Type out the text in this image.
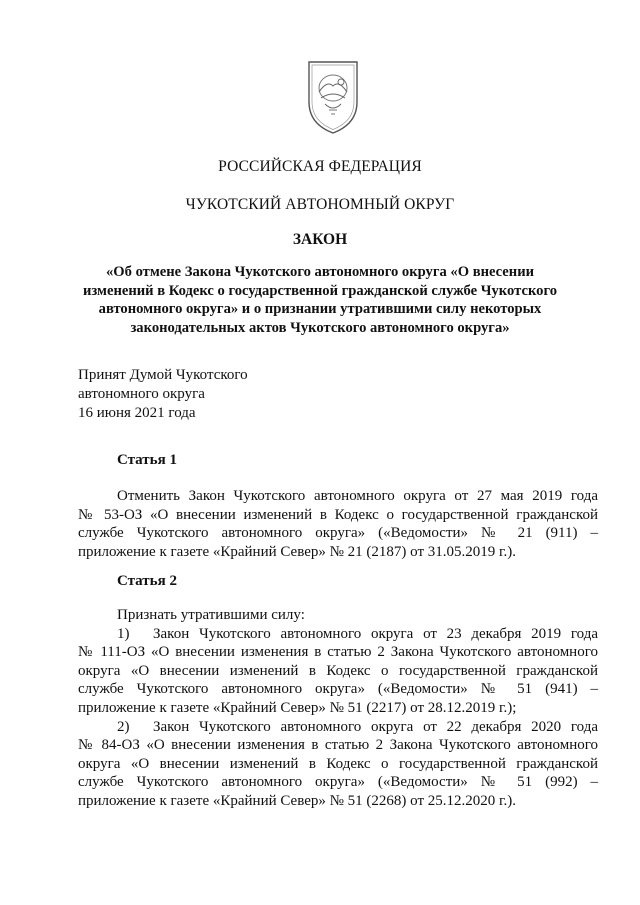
РОССИЙСКАЯ ФЕДЕРАЦИЯ
ЧУКОТСКИЙ АВТОНОМНЫЙ ОКРУГ
ЗАКОН
«Об отмене Закона Чукотского автономного округа «О внесении
изменений в Кодекс о государственной гражданской службе Чукотского
автономного округа» и о признании утратившими силу некоторых
законодательных актов Чукотского автономного округа»
Принят Думой Чукотского
автономного округа
16 июня 2021 года
Статья 1
Отменить Закон Чукотского автономного округа от 27 мая 2019 года
№ 53-ОЗ «О внесении изменений в Кодекс о государственной гражданской
службе Чукотского автономного округа» («Ведомости» № 21 (911) –
приложение к газете «Крайний Север» № 21 (2187) от 31.05.2019 г.).
Статья 2
Признать утратившими силу:
1) Закон Чукотского автономного округа от 23 декабря 2019 года
№ 111-ОЗ «О внесении изменения в статью 2 Закона Чукотского автономного
округа «О внесении изменений в Кодекс о государственной гражданской
службе Чукотского автономного округа» («Ведомости» № 51 (941) –
приложение к газете «Крайний Север» № 51 (2217) от 28.12.2019 г.);
2) Закон Чукотского автономного округа от 22 декабря 2020 года
№ 84-ОЗ «О внесении изменения в статью 2 Закона Чукотского автономного
округа «О внесении изменений в Кодекс о государственной гражданской
службе Чукотского автономного округа» («Ведомости» № 51 (992) –
приложение к газете «Крайний Север» № 51 (2268) от 25.12.2020 г.).
